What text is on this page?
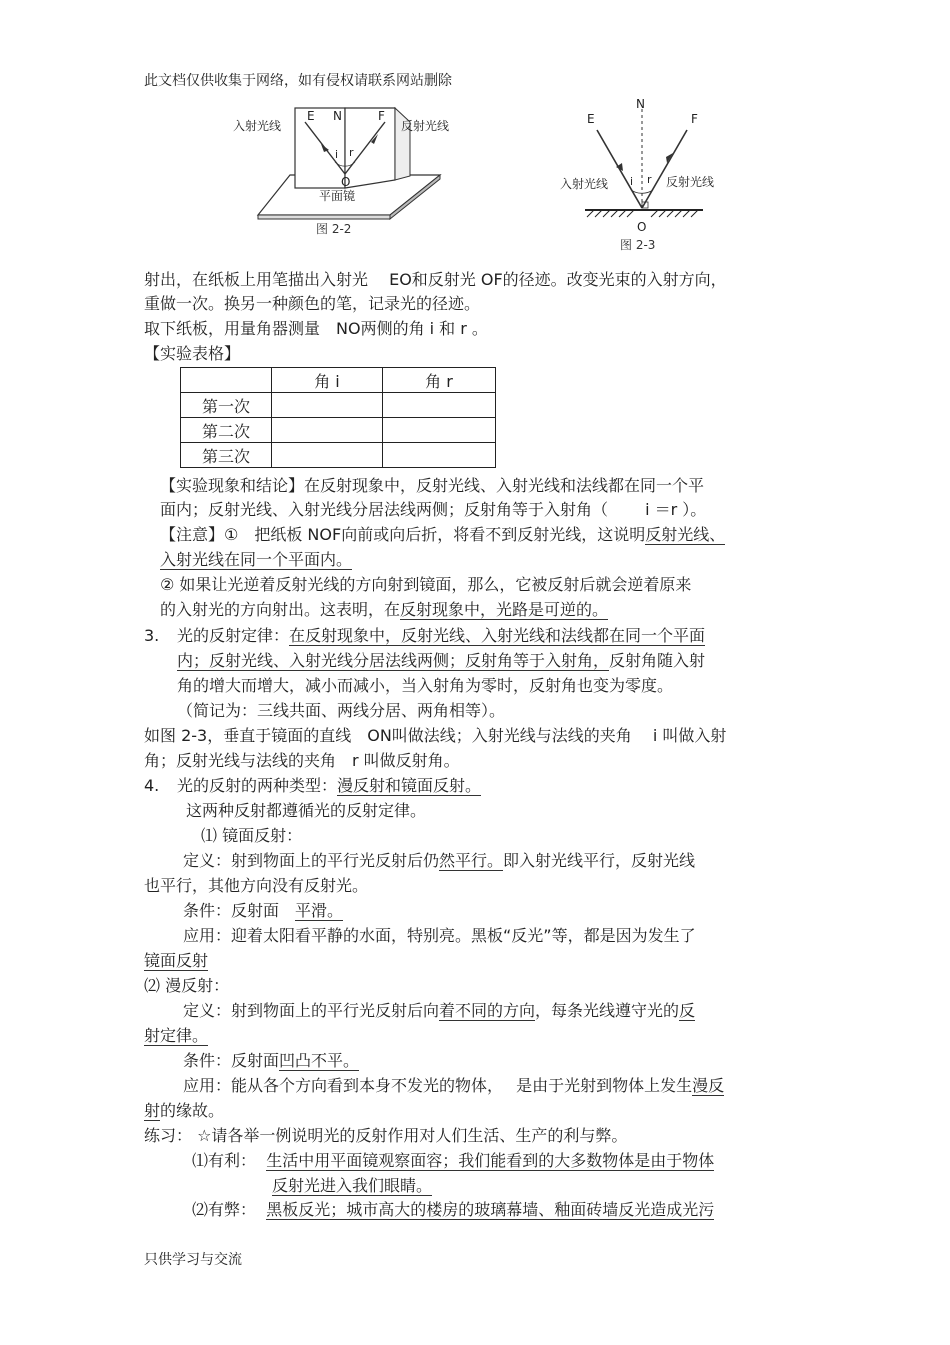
此文档仅供收集于网络，如有侵权请联系网站删除
E N	F
i r
O
入射光线	反射光线
平面镜
图 2-2
E
N
F
i r
O
入射光线	反射光线
图 2-3
射出，在纸板上用笔描出入射光　 EO和反射光 OF的径迹。改变光束的入射方向，
重做一次。换另一种颜色的笔，记录光的径迹。
取下纸板，用量角器测量　NO两侧的角 i 和 r 。
【实验表格】
	角 i	角 r
第一次		
第二次		
第三次		
【实验现象和结论】在反射现象中，反射光线、入射光线和法线都在同一个平
面内；反射光线、入射光线分居法线两侧；反射角等于入射角（　　 i ＝r ）。
【注意】①　把纸板 NOF向前或向后折，将看不到反射光线，这说明反射光线、
入射光线在同一个平面内。
② 如果让光逆着反射光线的方向射到镜面，那么，它被反射后就会逆着原来
的入射光的方向射出。这表明，在反射现象中，光路是可逆的。
3. 光的反射定律：在反射现象中，反射光线、入射光线和法线都在同一个平面
内；反射光线、入射光线分居法线两侧；反射角等于入射角，反射角随入射
角的增大而增大，减小而减小，当入射角为零时，反射角也变为零度。
（简记为：三线共面、两线分居、两角相等）。
如图 2-3，垂直于镜面的直线　ON叫做法线；入射光线与法线的夹角　 i 叫做入射
角；反射光线与法线的夹角　r 叫做反射角。
4. 光的反射的两种类型：漫反射和镜面反射。
这两种反射都遵循光的反射定律。
⑴ 镜面反射：
定义：射到物面上的平行光反射后仍然平行。即入射光线平行，反射光线
也平行，其他方向没有反射光。
条件：反射面　平滑。
应用：迎着太阳看平静的水面，特别亮。黑板“反光”等，都是因为发生了
镜面反射
⑵ 漫反射：
定义：射到物面上的平行光反射后向着不同的方向，每条光线遵守光的反
射定律。
条件：反射面凹凸不平。
应用：能从各个方向看到本身不发光的物体，　 是由于光射到物体上发生漫反
射的缘故。
练习： ☆请各举一例说明光的反射作用对人们生活、生产的利与弊。
⑴有利： 生活中用平面镜观察面容；我们能看到的大多数物体是由于物体
反射光进入我们眼睛。
⑵有弊： 黑板反光；城市高大的楼房的玻璃幕墙、釉面砖墙反光造成光污
只供学习与交流
